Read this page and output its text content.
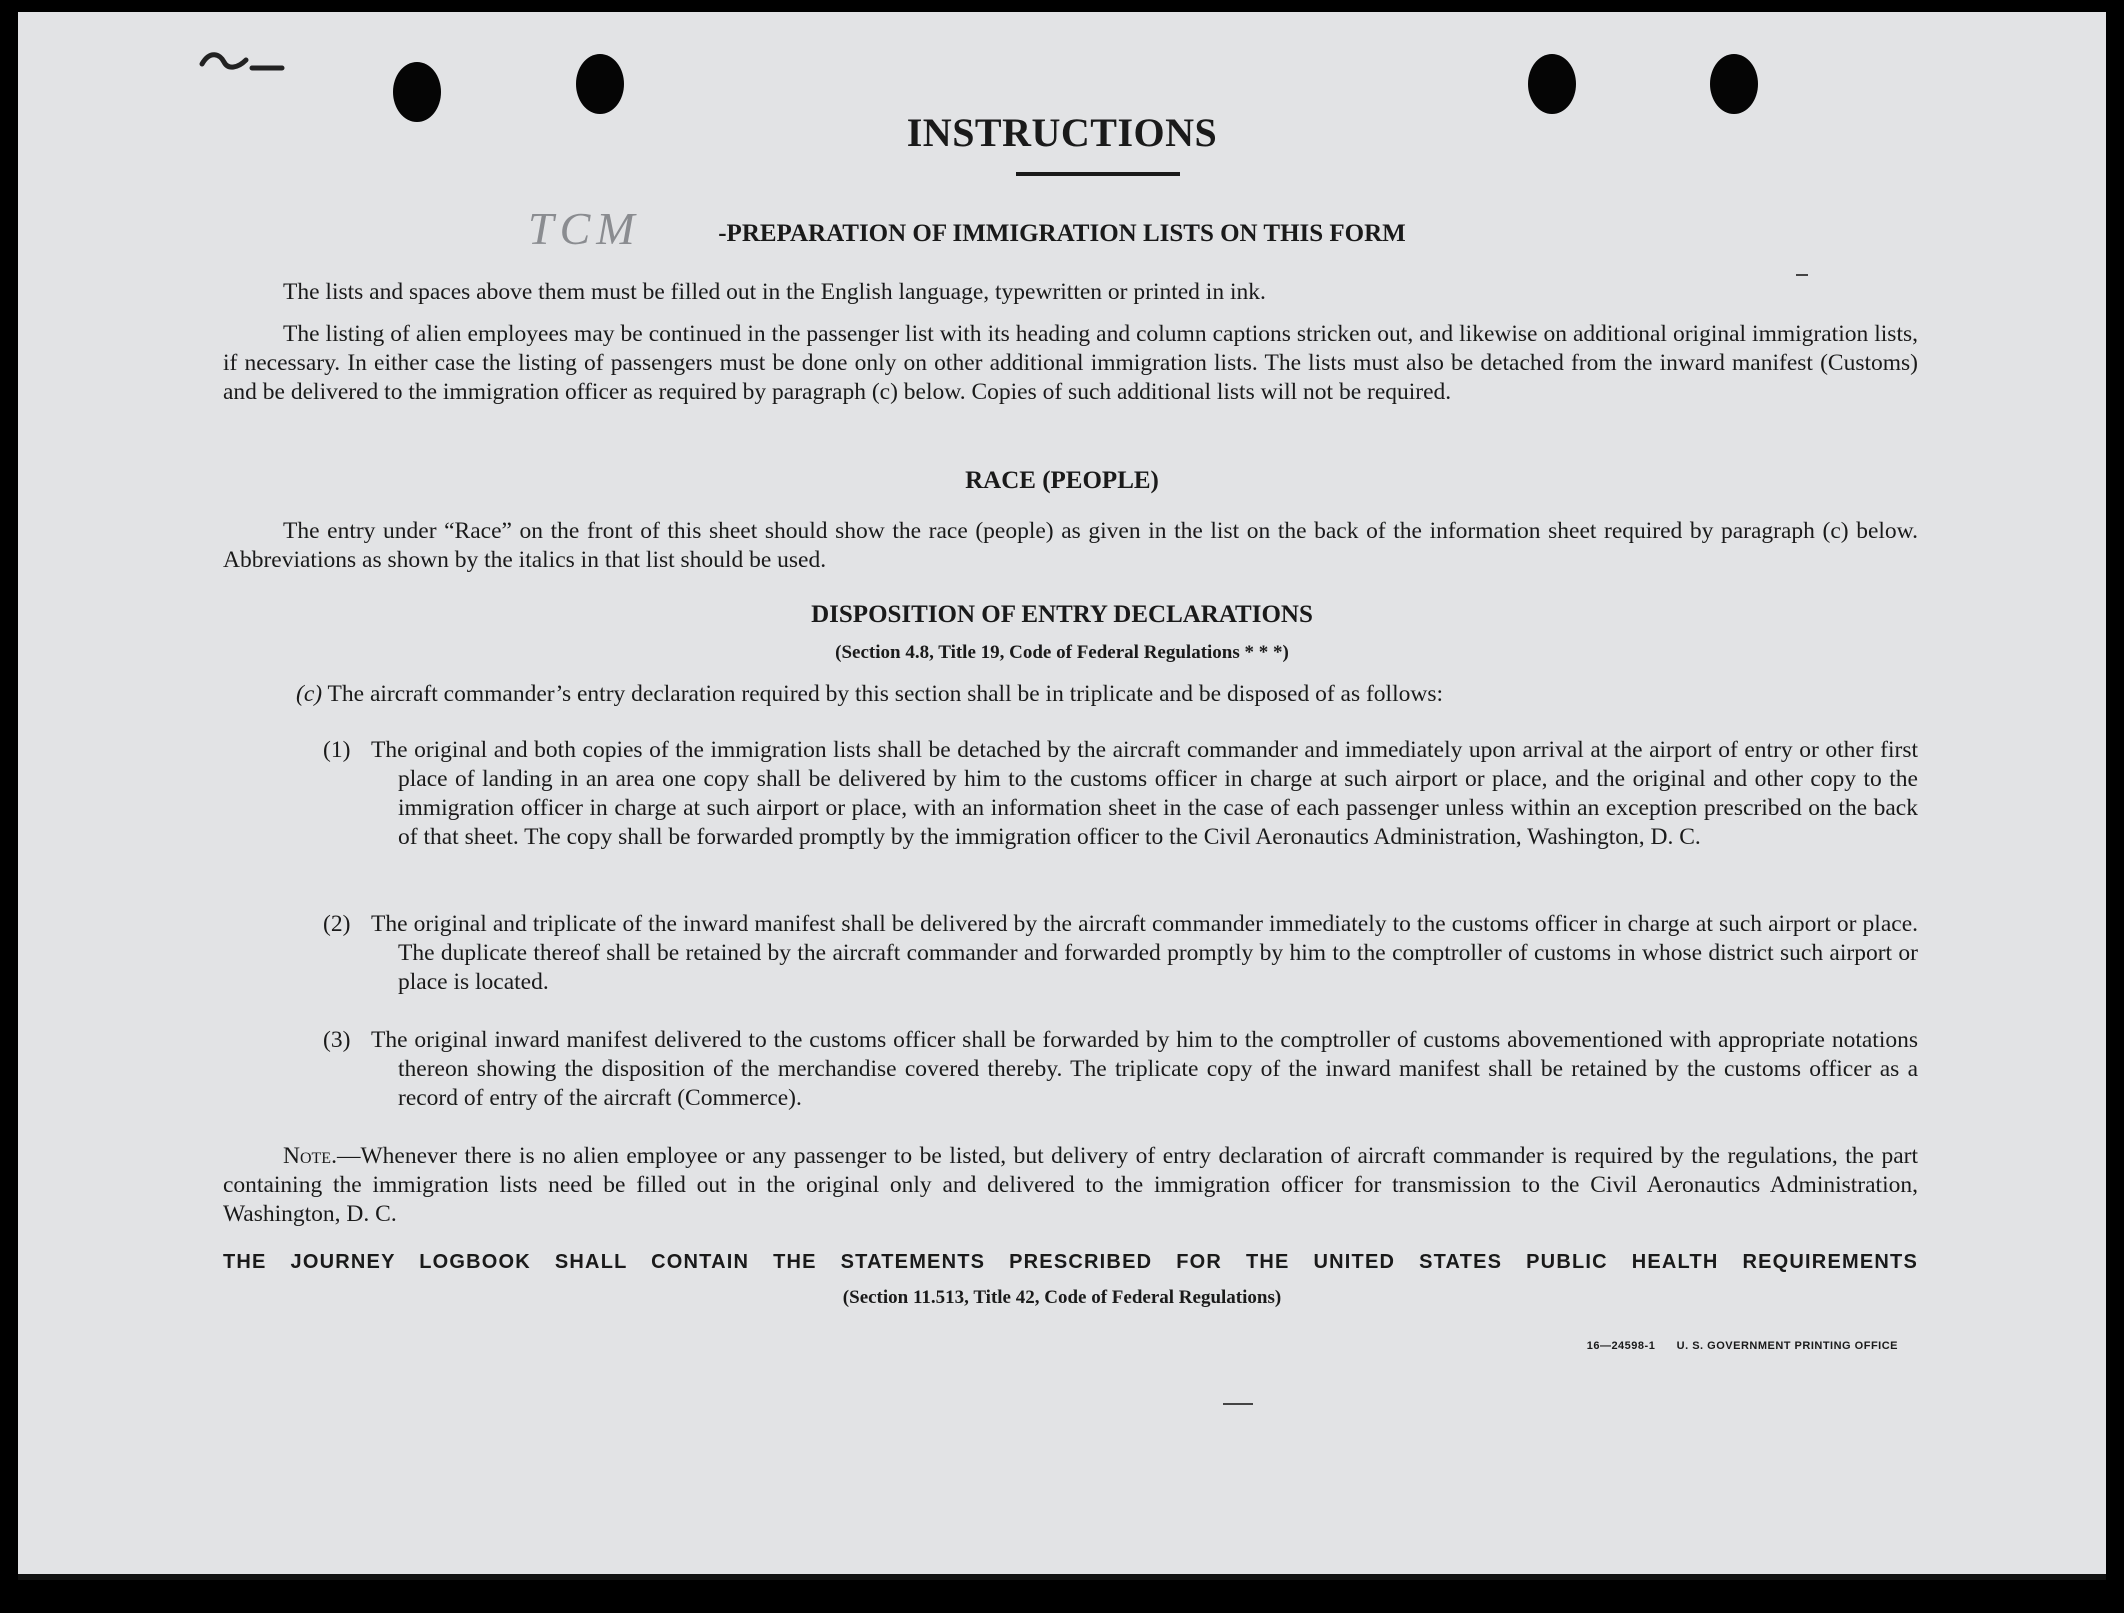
TCM
INSTRUCTIONS
-PREPARATION OF IMMIGRATION LISTS ON THIS FORM
The lists and spaces above them must be filled out in the English language, typewritten or printed in ink.
The listing of alien employees may be continued in the passenger list with its heading and column captions stricken out, and likewise on additional original immigration lists, if necessary. In either case the listing of passengers must be done only on other additional immigration lists. The lists must also be detached from the inward manifest (Customs) and be delivered to the immigration officer as required by paragraph (c) below. Copies of such additional lists will not be required.
RACE (PEOPLE)
The entry under “Race” on the front of this sheet should show the race (people) as given in the list on the back of the information sheet required by paragraph (c) below. Abbreviations as shown by the italics in that list should be used.
DISPOSITION OF ENTRY DECLARATIONS
(Section 4.8, Title 19, Code of Federal Regulations * * *)
(c) The aircraft commander’s entry declaration required by this section shall be in triplicate and be disposed of as follows:
(1) The original and both copies of the immigration lists shall be detached by the aircraft commander and immediately upon arrival at the airport of entry or other first place of landing in an area one copy shall be delivered by him to the customs officer in charge at such airport or place, and the original and other copy to the immigration officer in charge at such airport or place, with an information sheet in the case of each passenger unless within an exception prescribed on the back of that sheet. The copy shall be forwarded promptly by the immigration officer to the Civil Aeronautics Administration, Washington, D. C.
(2) The original and triplicate of the inward manifest shall be delivered by the aircraft commander immediately to the customs officer in charge at such airport or place. The duplicate thereof shall be retained by the aircraft commander and forwarded promptly by him to the comptroller of customs in whose district such airport or place is located.
(3) The original inward manifest delivered to the customs officer shall be forwarded by him to the comptroller of customs abovementioned with appropriate notations thereon showing the disposition of the merchandise covered thereby. The triplicate copy of the inward manifest shall be retained by the customs officer as a record of entry of the aircraft (Commerce).
Note.—Whenever there is no alien employee or any passenger to be listed, but delivery of entry declaration of aircraft commander is required by the regulations, the part containing the immigration lists need be filled out in the original only and delivered to the immigration officer for transmission to the Civil Aeronautics Administration, Washington, D. C.
THE JOURNEY LOGBOOK SHALL CONTAIN THE STATEMENTS PRESCRIBED FOR THE UNITED STATES PUBLIC HEALTH REQUIREMENTS
(Section 11.513, Title 42, Code of Federal Regulations)
16—24598-1 U. S. GOVERNMENT PRINTING OFFICE
